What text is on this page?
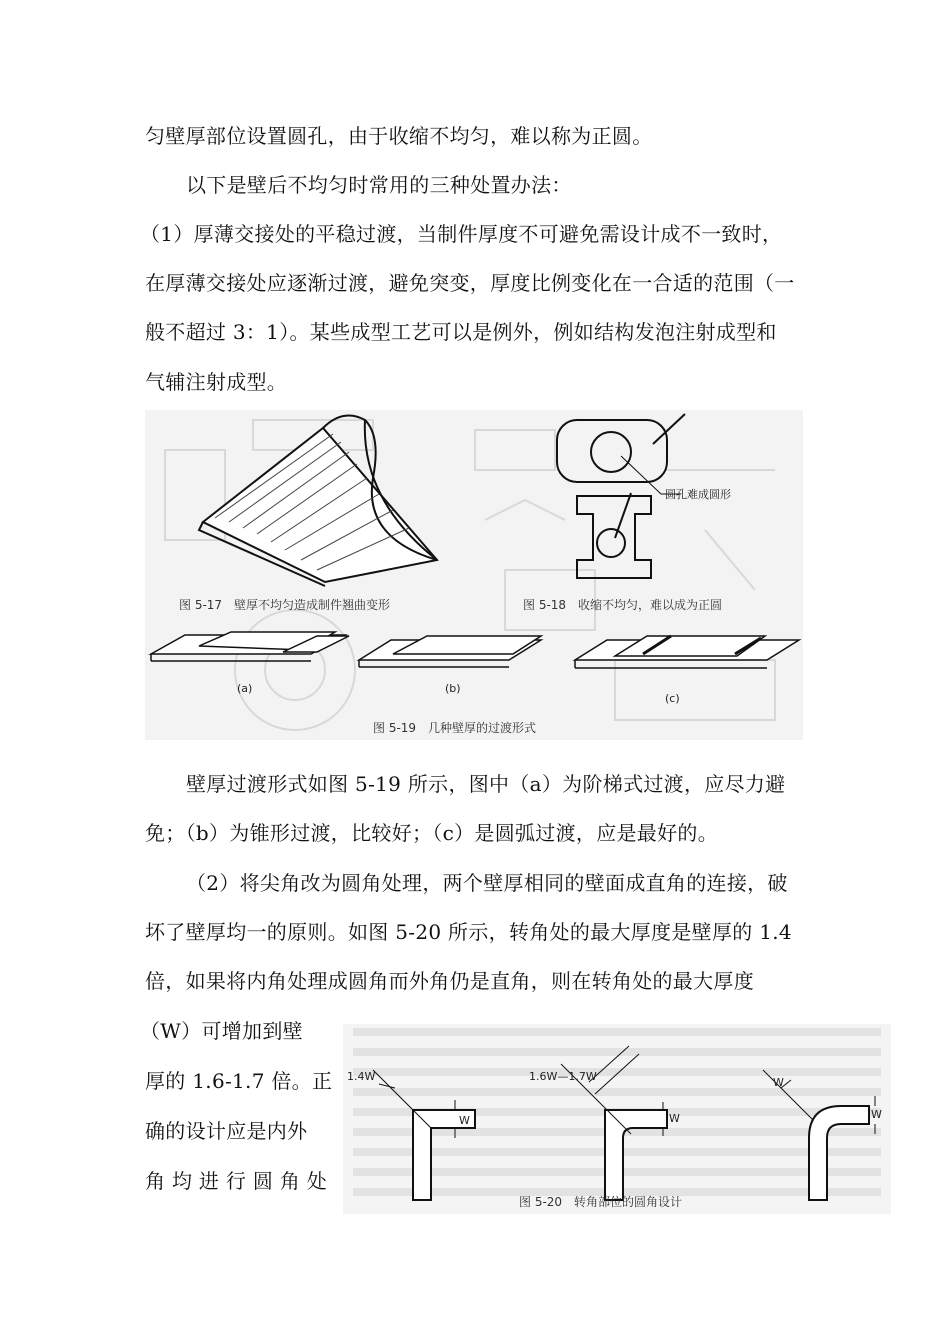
匀壁厚部位设置圆孔，由于收缩不均匀，难以称为正圆。
以下是壁后不均匀时常用的三种处置办法：
（1）厚薄交接处的平稳过渡，当制件厚度不可避免需设计成不一致时，
在厚薄交接处应逐渐过渡，避免突变，厚度比例变化在一合适的范围（一
般不超过 3：1）。某些成型工艺可以是例外，例如结构发泡注射成型和
气辅注射成型。
图 5-17　壁厚不均匀造成制件翘曲变形
圆孔难成圆形
图 5-18　收缩不均匀，难以成为正圆
(a)	(b)
(c)
图 5-19　几种壁厚的过渡形式
壁厚过渡形式如图 5-19 所示，图中（a）为阶梯式过渡，应尽力避
免；（b）为锥形过渡，比较好；（c）是圆弧过渡，应是最好的。
（2）将尖角改为圆角处理，两个壁厚相同的壁面成直角的连接，破
坏了壁厚均一的原则。如图 5-20 所示，转角处的最大厚度是壁厚的 1.4
倍，如果将内角处理成圆角而外角仍是直角，则在转角处的最大厚度
（W）可增加到壁
厚的 1.6-1.7 倍。正
确的设计应是内外
角 均 进 行 圆 角 处
1.4W
W
1.6W—1.7W
W
W
W
图 5-20　转角部位的圆角设计
